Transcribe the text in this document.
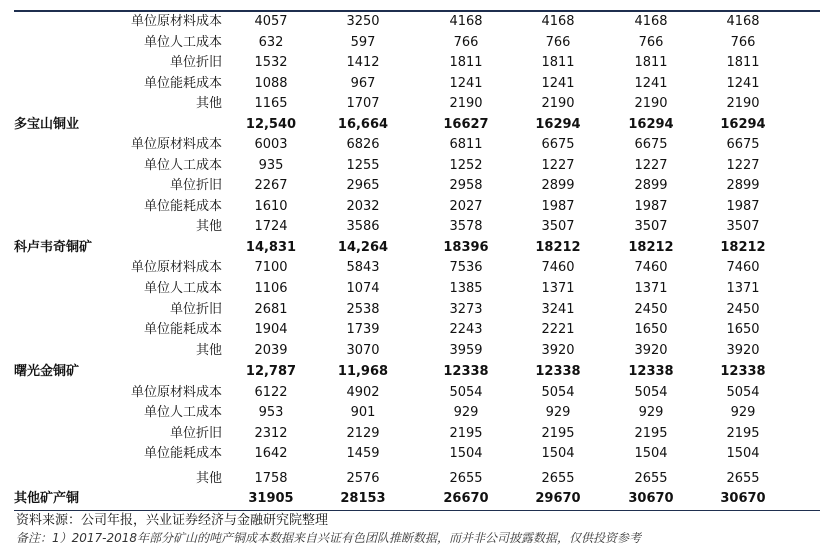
单位原材料成本	4057	3250	4168	4168	4168	4168
单位人工成本	632	597	766	766	766	766
单位折旧	1532	1412	1811	1811	1811	1811
单位能耗成本	1088	967	1241	1241	1241	1241
其他	1165	1707	2190	2190	2190	2190
多宝山铜业	12,540	16,664	16627	16294	16294	16294
单位原材料成本	6003	6826	6811	6675	6675	6675
单位人工成本	935	1255	1252	1227	1227	1227
单位折旧	2267	2965	2958	2899	2899	2899
单位能耗成本	1610	2032	2027	1987	1987	1987
其他	1724	3586	3578	3507	3507	3507
科卢韦奇铜矿	14,831	14,264	18396	18212	18212	18212
单位原材料成本	7100	5843	7536	7460	7460	7460
单位人工成本	1106	1074	1385	1371	1371	1371
单位折旧	2681	2538	3273	3241	2450	2450
单位能耗成本	1904	1739	2243	2221	1650	1650
其他	2039	3070	3959	3920	3920	3920
曙光金铜矿	12,787	11,968	12338	12338	12338	12338
单位原材料成本	6122	4902	5054	5054	5054	5054
单位人工成本	953	901	929	929	929	929
单位折旧	2312	2129	2195	2195	2195	2195
单位能耗成本	1642	1459	1504	1504	1504	1504
其他	1758	2576	2655	2655	2655	2655
其他矿产铜	31905	28153	26670	29670	30670	30670
资料来源：公司年报，兴业证券经济与金融研究院整理
备注：1）2017-2018年部分矿山的吨产铜成本数据来自兴证有色团队推断数据，而并非公司披露数据，仅供投资参考
